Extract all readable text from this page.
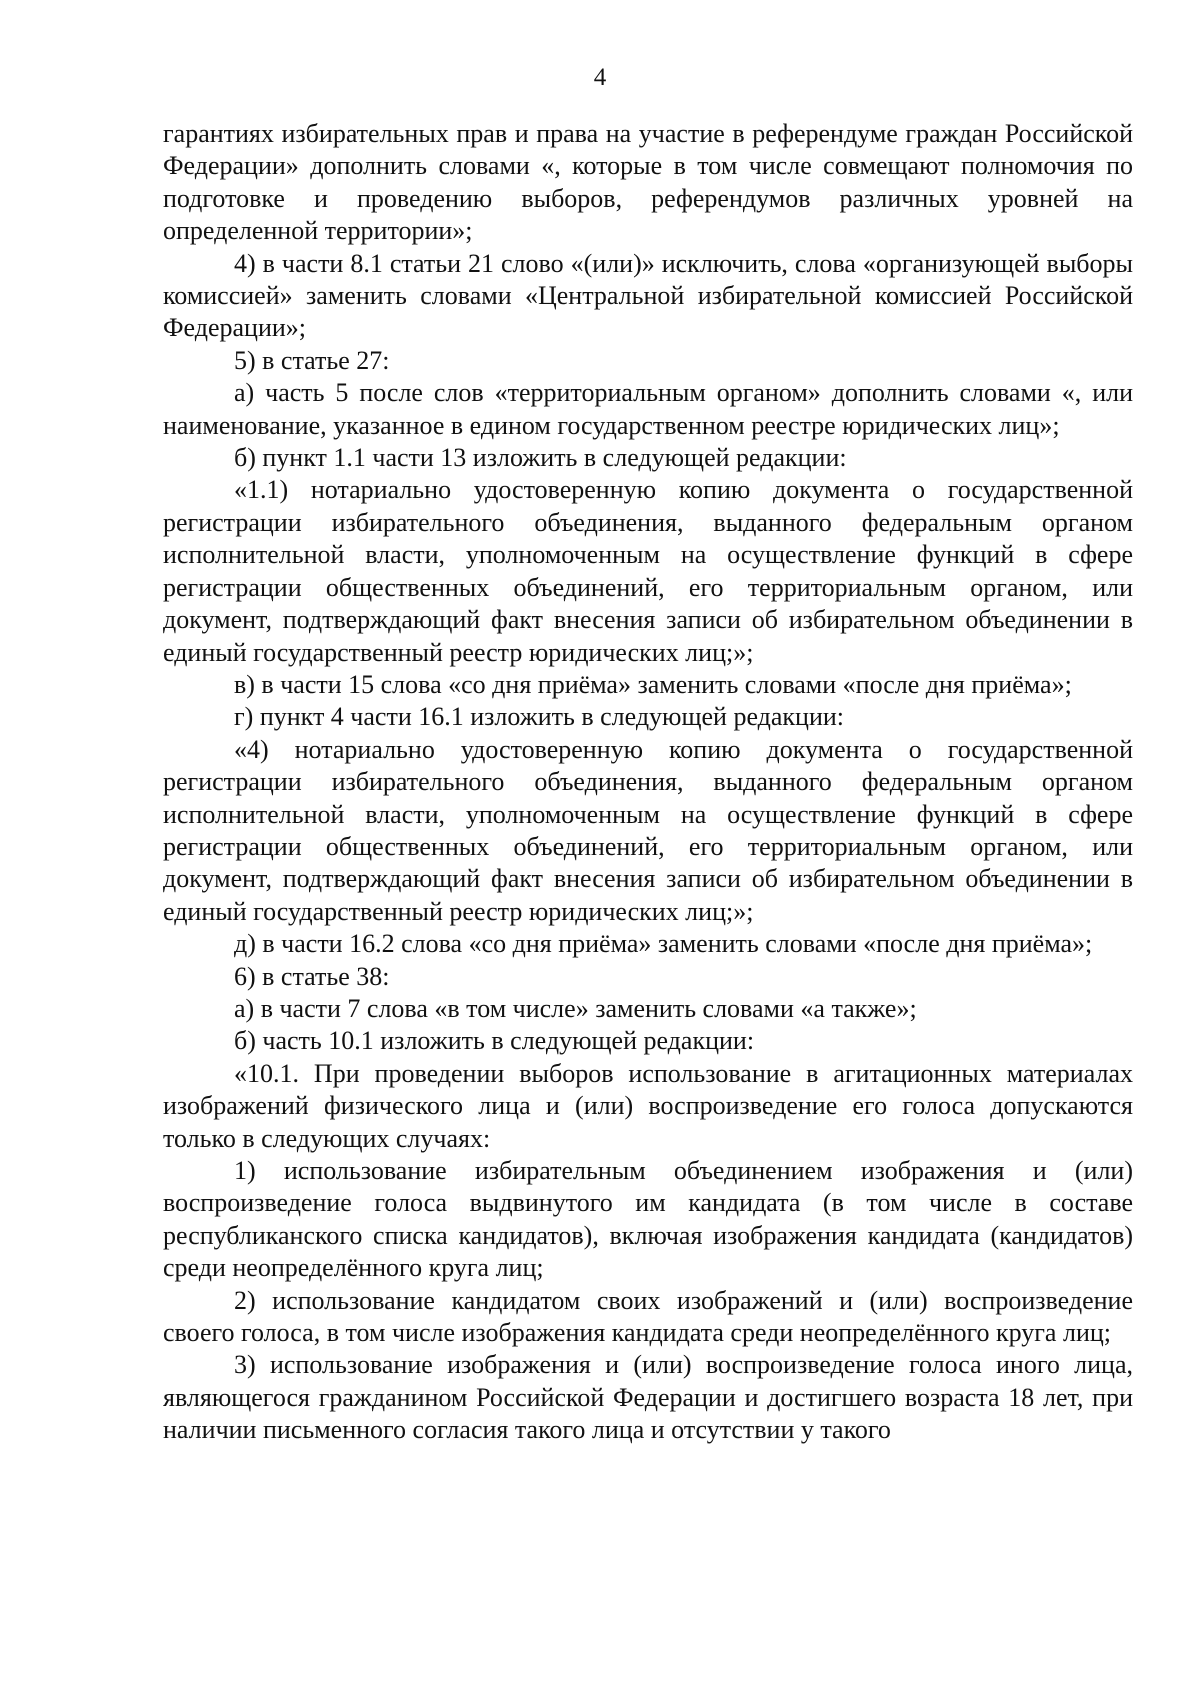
4

гарантиях избирательных прав и права на участие в референдуме граждан Российской Федерации» дополнить словами «, которые в том числе совмещают полномочия по подготовке и проведению выборов, референдумов различных уровней на определенной территории»;

4) в части 8.1 статьи 21 слово «(или)» исключить, слова «организующей выборы комиссией» заменить словами «Центральной избирательной комиссией Российской Федерации»;

5) в статье 27:

а) часть 5 после слов «территориальным органом» дополнить словами «, или наименование, указанное в едином государственном реестре юридических лиц»;

б) пункт 1.1 части 13 изложить в следующей редакции:

«1.1) нотариально удостоверенную копию документа о государственной регистрации избирательного объединения, выданного федеральным органом исполнительной власти, уполномоченным на осуществление функций в сфере регистрации общественных объединений, его территориальным органом, или документ, подтверждающий факт внесения записи об избирательном объединении в единый государственный реестр юридических лиц;»;

в) в части 15 слова «со дня приёма» заменить словами «после дня приёма»;

г) пункт 4 части 16.1 изложить в следующей редакции:

«4) нотариально удостоверенную копию документа о государственной регистрации избирательного объединения, выданного федеральным органом исполнительной власти, уполномоченным на осуществление функций в сфере регистрации общественных объединений, его территориальным органом, или документ, подтверждающий факт внесения записи об избирательном объединении в единый государственный реестр юридических лиц;»;

д) в части 16.2 слова «со дня приёма» заменить словами «после дня приёма»;

6) в статье 38:

а) в части 7 слова «в том числе» заменить словами «а также»;

б) часть 10.1 изложить в следующей редакции:

«10.1. При проведении выборов использование в агитационных материалах изображений физического лица и (или) воспроизведение его голоса допускаются только в следующих случаях:

1) использование избирательным объединением изображения и (или) воспроизведение голоса выдвинутого им кандидата (в том числе в составе республиканского списка кандидатов), включая изображения кандидата (кандидатов) среди неопределённого круга лиц;

2) использование кандидатом своих изображений и (или) воспроизведение своего голоса, в том числе изображения кандидата среди неопределённого круга лиц;

3) использование изображения и (или) воспроизведение голоса иного лица, являющегося гражданином Российской Федерации и достигшего возраста 18 лет, при наличии письменного согласия такого лица и отсутствии у такого
